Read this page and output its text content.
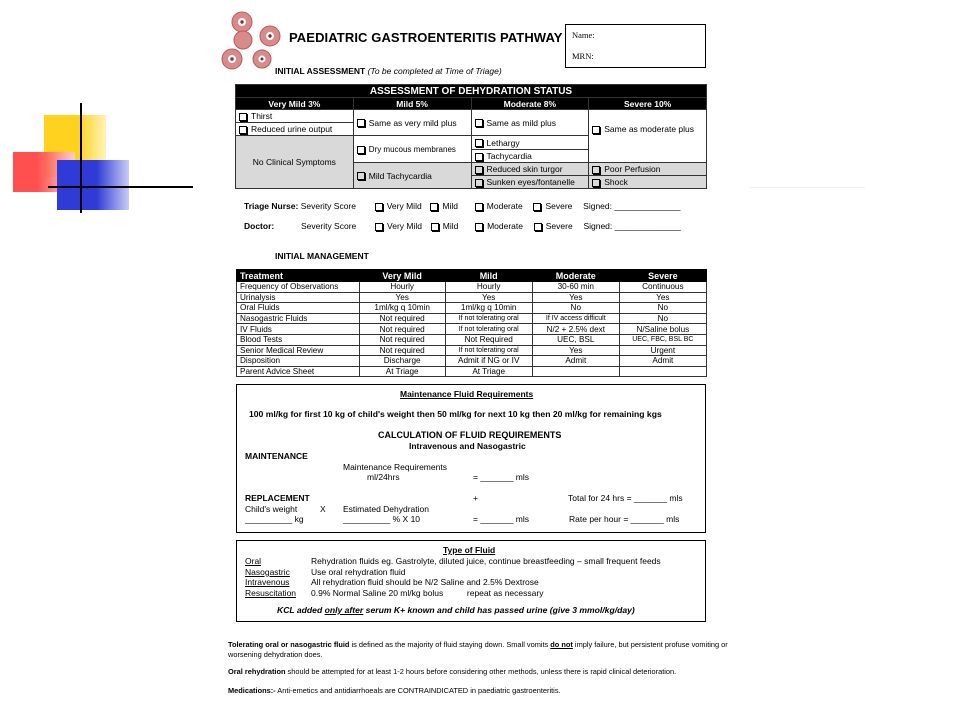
PAEDIATRIC GASTROENTERITIS PATHWAY Name:
MRN:
INITIAL ASSESSMENT (To be completed at Time of Triage)
ASSESSMENT OF DEHYDRATION STATUS			
Very Mild 3%	Mild 5%	Moderate 8%	Severe 10%
Thirst	Same as very mild plus	Same as mild plus	Same as moderate plus
Reduced urine output			
No Clinical Symptoms	Dry mucous membranes	Lethargy	
		Tachycardia	

	Mild Tachycardia	Reduced skin turgor	Poor Perfusion
		Sunken eyes/fontanelle	Shock
Triage Nurse: Severity Score	Very Mild Mild	Moderate	Severe Signed: ______________
Doctor:	Severity Score	Very Mild Mild	Moderate	Severe Signed: ______________
INITIAL MANAGEMENT
Treatment	Very Mild	Mild	Moderate	Severe
Frequency of Observations	Hourly	Hourly	30-60 min	Continuous
Urinalysis	Yes	Yes	Yes	Yes
Oral Fluids	1ml/kg q 10min	1ml/kg q 10min	No	No
Nasogastric Fluids	Not required	If not tolerating oral	If IV access difficult	No
IV Fluids	Not required	If not tolerating oral	N/2 + 2.5% dext	N/Saline bolus
Blood Tests	Not required	Not Required	UEC, BSL	UEC, FBC, BSL BC
Senior Medical Review	Not required	If not tolerating oral	Yes	Urgent
Disposition	Discharge	Admit if NG or IV	Admit	Admit
Parent Advice Sheet	At Triage	At Triage		
Maintenance Fluid Requirements
100 ml/kg for first 10 kg of child's weight then 50 ml/kg for next 10 kg then 20 ml/kg for remaining kgs
CALCULATION OF FLUID REQUIREMENTS
Intravenous and Nasogastric
MAINTENANCE
Maintenance Requirements
ml/24hrs	= _______ mls
REPLACEMENT	+	Total for 24 hrs = _______ mls
Child's weight	X Estimated Dehydration
__________ kg	__________ % X 10	= _______ mls	Rate per hour = _______ mls
Type of Fluid
Oral	Rehydration fluids eg. Gastrolyte, diluted juice, continue breastfeeding – small frequent feeds
Nasogastric Use oral rehydration fluid
Intravenous	All rehydration fluid should be N/2 Saline and 2.5% Dextrose
Resuscitation 0.9% Normal Saline 20 ml/kg bolus          repeat as necessary
KCL added only after serum K+ known and child has passed urine (give 3 mmol/kg/day)
Tolerating oral or nasogastric fluid is defined as the majority of fluid staying down. Small vomits do not imply failure, but persistent profuse vomiting or worsening dehydration does.
Oral rehydration should be attempted for at least 1-2 hours before considering other methods, unless there is rapid clinical deterioration.
Medications:- Anti-emetics and antidiarrhoeals are CONTRAINDICATED in paediatric gastroenteritis.
